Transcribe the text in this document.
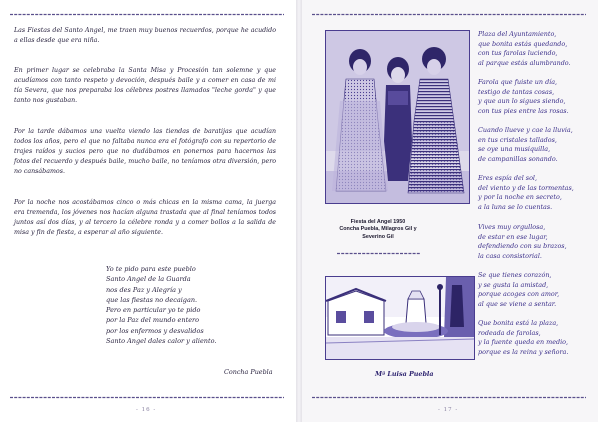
Las Fiestas del Santo Angel, me traen muy buenos recuerdos, porque he acudido a ellas desde que era niña.

En primer lugar se celebraba la Santa Misa y Procesión tan solemne y que acudíamos con tanto respeto y devoción, después baile y a comer en casa de mi tía Severa, que nos preparaba los célebres postres llamados "leche gorda" y que tanto nos gustaban.

Por la tarde dábamos una vuelta viendo las tiendas de baratijas que acudían todos los años, pero el que no faltaba nunca era el fotógrafo con su repertorio de trajes raídos y sucios pero que no dudábamos en ponernos para hacernos las fotos del recuerdo y después baile, mucho baile, no teníamos otra diversión, pero no cansábamos.

Por la noche nos acostábamos cinco o más chicas en la misma cama, la juerga era tremenda, los jóvenes nos hacían alguna trastada que al final teníamos todos juntos así dos días, y al tercero la célebre ronda y a comer bollos a la salida de misa y fin de fiesta, a esperar al año siguiente.

Yo te pido para este pueblo
Santo Angel de la Guarda
nos des Paz y Alegría y
que las fiestas no decaigan.
Pero en particular yo te pido
por la Paz del mundo entero
por los enfermos y desvalidos
Santo Angel dales calor y aliento.
Concha Puebla
- 16 -
Fiesta del Angel 1950
Concha Puebla, Milagros Gil y
Severino Gil
Plaza del Ayuntamiento,
que bonita estás quedando,
con tus farolas luciendo,
al parque estás alumbrando.
Farola que fuiste un día,
testigo de tantas cosas,
y que aun lo sigues siendo,
con tus pies entre las rosas.
Cuando llueve y cae la lluvia,
en tus cristales tallados,
se oye una musiquilla,
de campanillas sonando.
Eres espía del sol,
del viento y de las tormentas,
y por la noche en secreto,
a la luna se lo cuentas.
Vives muy orgullosa,
de estar en ese lugar,
defendiendo con su brazos,
la casa consistorial.
Se que tienes corazón,
y se gusta la amistad,
porque acoges con amor,
al que se viene a sentar.
Que bonita está la plaza,
rodeada de farolas,
y la fuente queda en medio,
porque es la reina y señora.
Mª Luisa Puebla
- 17 -
